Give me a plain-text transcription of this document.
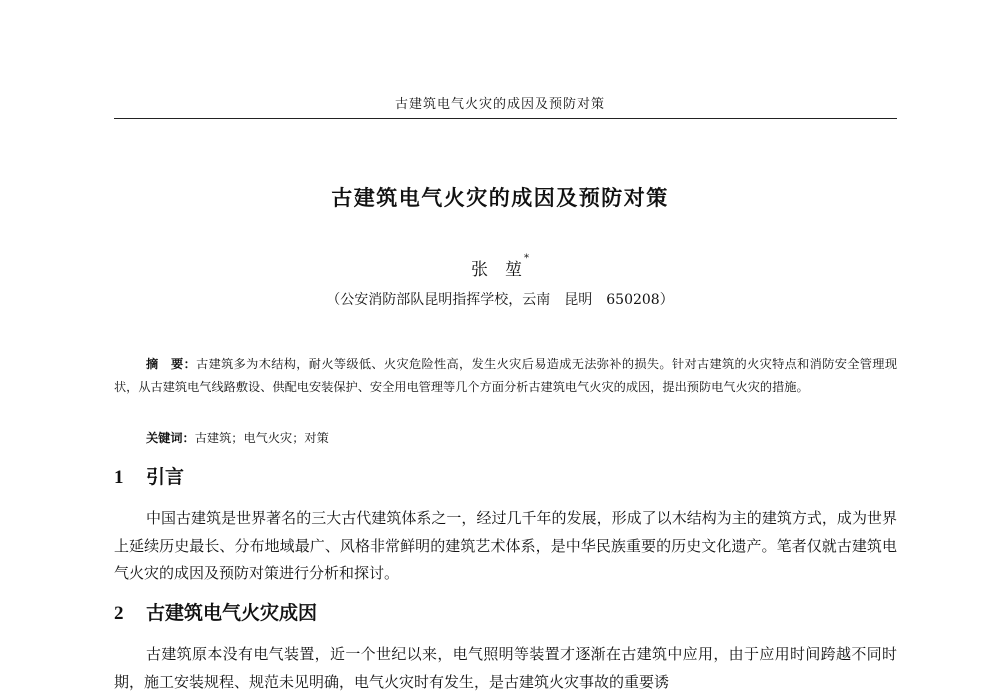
古建筑电气火灾的成因及预防对策
古建筑电气火灾的成因及预防对策
张　堃*
（公安消防部队昆明指挥学校，云南　昆明　650208）
摘　要：古建筑多为木结构，耐火等级低、火灾危险性高，发生火灾后易造成无法弥补的损失。针对古建筑的火灾特点和消防安全管理现状，从古建筑电气线路敷设、供配电安装保护、安全用电管理等几个方面分析古建筑电气火灾的成因，提出预防电气火灾的措施。
关键词：古建筑；电气火灾；对策
1 引言
中国古建筑是世界著名的三大古代建筑体系之一，经过几千年的发展，形成了以木结构为主的建筑方式，成为世界上延续历史最长、分布地域最广、风格非常鲜明的建筑艺术体系，是中华民族重要的历史文化遗产。笔者仅就古建筑电气火灾的成因及预防对策进行分析和探讨。
2 古建筑电气火灾成因
古建筑原本没有电气装置，近一个世纪以来，电气照明等装置才逐渐在古建筑中应用，由于应用时间跨越不同时期，施工安装规程、规范未见明确，电气火灾时有发生，是古建筑火灾事故的重要诱
